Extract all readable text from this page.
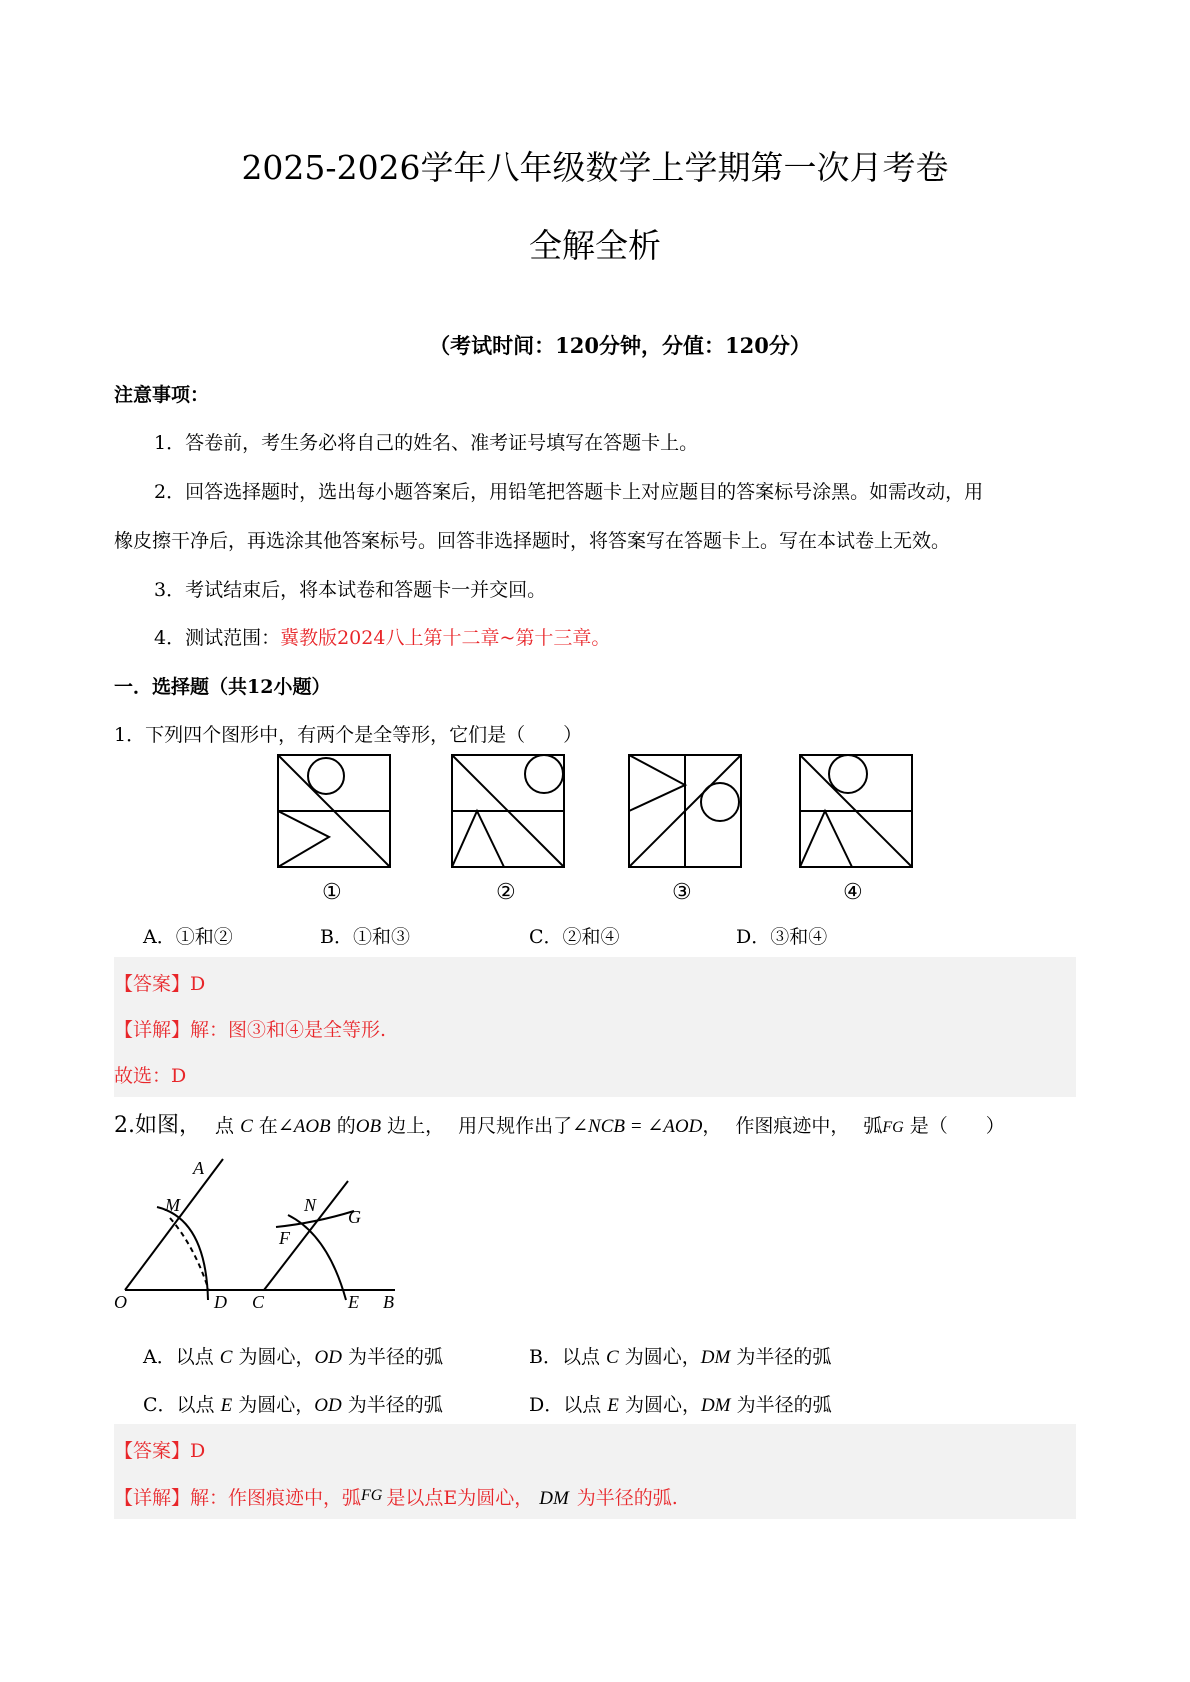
2025-2026学年八年级数学上学期第一次月考卷
全解全析
（考试时间：120分钟，分值：120分）
注意事项：
1．答卷前，考生务必将自己的姓名、准考证号填写在答题卡上。
2．回答选择题时，选出每小题答案后，用铅笔把答题卡上对应题目的答案标号涂黑。如需改动，用
橡皮擦干净后，再选涂其他答案标号。回答非选择题时，将答案写在答题卡上。写在本试卷上无效。
3．考试结束后，将本试卷和答题卡一并交回。
4．测试范围：冀教版2024八上第十二章~第十三章。
一．选择题（共12小题）
1．下列四个图形中，有两个是全等形，它们是（　　）
①	②	③	④
A．①和②	B．①和③	C．②和④	D．③和④
【答案】D
【详解】解：图③和④是全等形.
故选：D
2.如图， 点 C 在∠AOB 的OB 边上， 用尺规作出了∠NCB = ∠AOD， 作图痕迹中， 弧FG 是（　　）
A
M	N
G
F
O	D C	E B
A．以点 C 为圆心，OD 为半径的弧	B．以点 C 为圆心，DM 为半径的弧
C．以点 E 为圆心，OD 为半径的弧	D．以点 E 为圆心，DM 为半径的弧
【答案】D
【详解】解：作图痕迹中，弧$^{FG}$ 是以点E为圆心， DM 为半径的弧.
